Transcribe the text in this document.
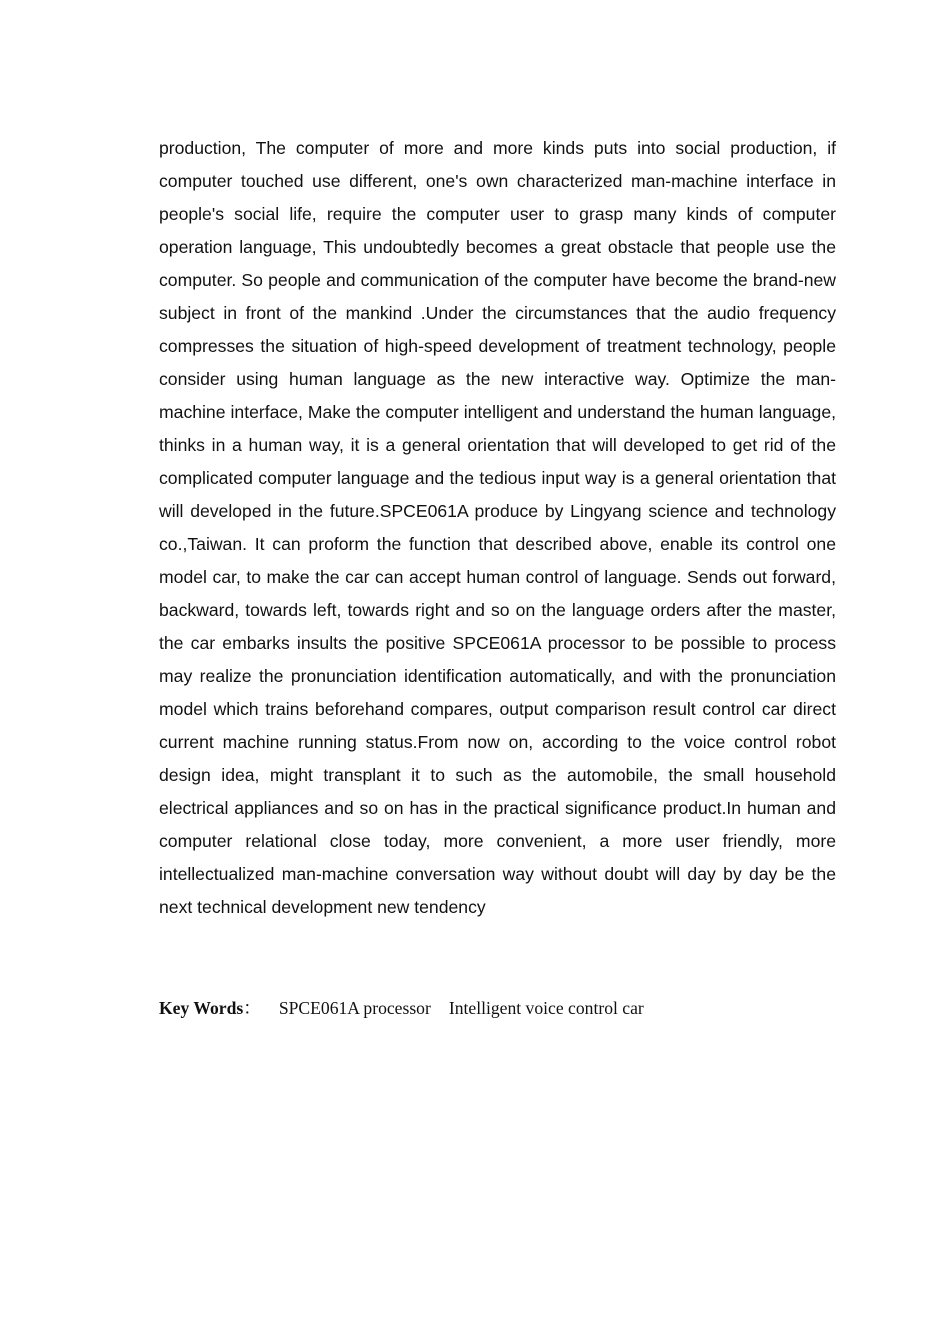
production, The computer of more and more kinds puts into social production, if computer touched use different, one's own characterized man-machine interface in people's social life, require the computer user to grasp many kinds of computer operation language, This undoubtedly becomes a great obstacle that people use the computer. So people and communication of the computer have become the brand-new subject in front of the mankind .Under the circumstances that the audio frequency compresses the situation of high-speed development of treatment technology, people consider using human language as the new interactive way. Optimize the man-machine interface, Make the computer intelligent and understand the human language, thinks in a human way, it is a general orientation that will developed to get rid of the complicated computer language and the tedious input way is a general orientation that will developed in the future.SPCE061A produce by Lingyang science and technology co.,Taiwan. It can proform the function that described above, enable its control one model car, to make the car can accept human control of language. Sends out forward, backward, towards left, towards right and so on the language orders after the master, the car embarks insults the positive SPCE061A processor to be possible to process may realize the pronunciation identification automatically, and with the pronunciation model which trains beforehand compares, output comparison result control car direct current machine running status.From now on, according to the voice control robot design idea, might transplant it to such as the automobile, the small household electrical appliances and so on has in the practical significance product.In human and computer relational close today, more convenient, a more user friendly, more intellectualized man-machine conversation way without doubt will day by day be the next technical development new tendency

Key Words： SPCE061A processor Intelligent voice control car
